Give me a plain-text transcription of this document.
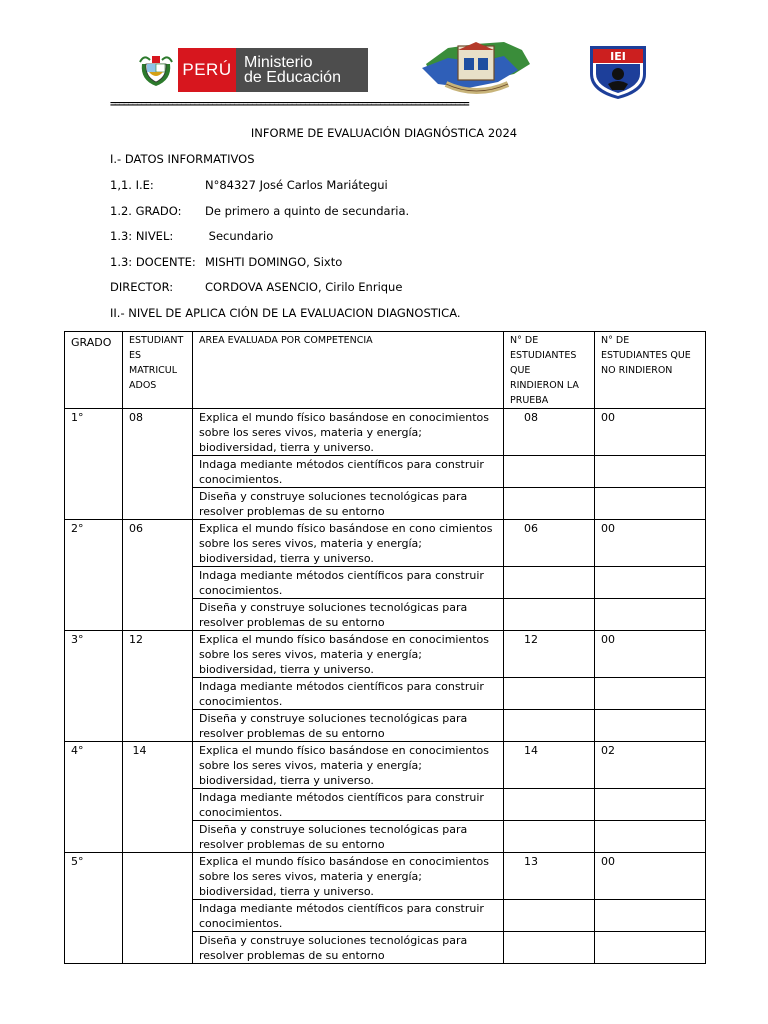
PERÚ Ministerio
de Educación
IEI
=================================================================================
INFORME DE EVALUACIÓN DIAGNÓSTICA 2024
I.- DATOS INFORMATIVOS
1,1. I.E:	N°84327 José Carlos Mariátegui
1.2. GRADO: De primero a quinto de secundaria.
1.3: NIVEL:	Secundario
1.3: DOCENTE: MISHTI DOMINGO, Sixto
DIRECTOR:	CORDOVA ASENCIO, Cirilo Enrique
II.- NIVEL DE APLICA CIÓN DE LA EVALUACION DIAGNOSTICA.
GRADO	ESTUDIANT
ES
MATRICUL
ADOS	AREA EVALUADA POR COMPETENCIA	N° DE
ESTUDIANTES
QUE
RINDIERON LA
PRUEBA	N° DE
ESTUDIANTES QUE
NO RINDIERON
1°	08	Explica el mundo físico basándose en conocimientos sobre los seres vivos, materia y energía; biodiversidad, tierra y universo.	08	00
		Indaga mediante métodos científicos para construir conocimientos.		
		Diseña y construye soluciones tecnológicas para resolver problemas de su entorno		
2°	06	Explica el mundo físico basándose en cono cimientos sobre los seres vivos, materia y energía; biodiversidad, tierra y universo.	06	00
		Indaga mediante métodos científicos para construir conocimientos.		
		Diseña y construye soluciones tecnológicas para resolver problemas de su entorno		
3°	12	Explica el mundo físico basándose en conocimientos sobre los seres vivos, materia y energía; biodiversidad, tierra y universo.	12	00
		Indaga mediante métodos científicos para construir conocimientos.		
		Diseña y construye soluciones tecnológicas para resolver problemas de su entorno		
4°	14	Explica el mundo físico basándose en conocimientos sobre los seres vivos, materia y energía; biodiversidad, tierra y universo.	14	02
		Indaga mediante métodos científicos para construir conocimientos.		
		Diseña y construye soluciones tecnológicas para resolver problemas de su entorno		
5°		Explica el mundo físico basándose en conocimientos sobre los seres vivos, materia y energía; biodiversidad, tierra y universo.	13	00
		Indaga mediante métodos científicos para construir conocimientos.		
		Diseña y construye soluciones tecnológicas para resolver problemas de su entorno		
